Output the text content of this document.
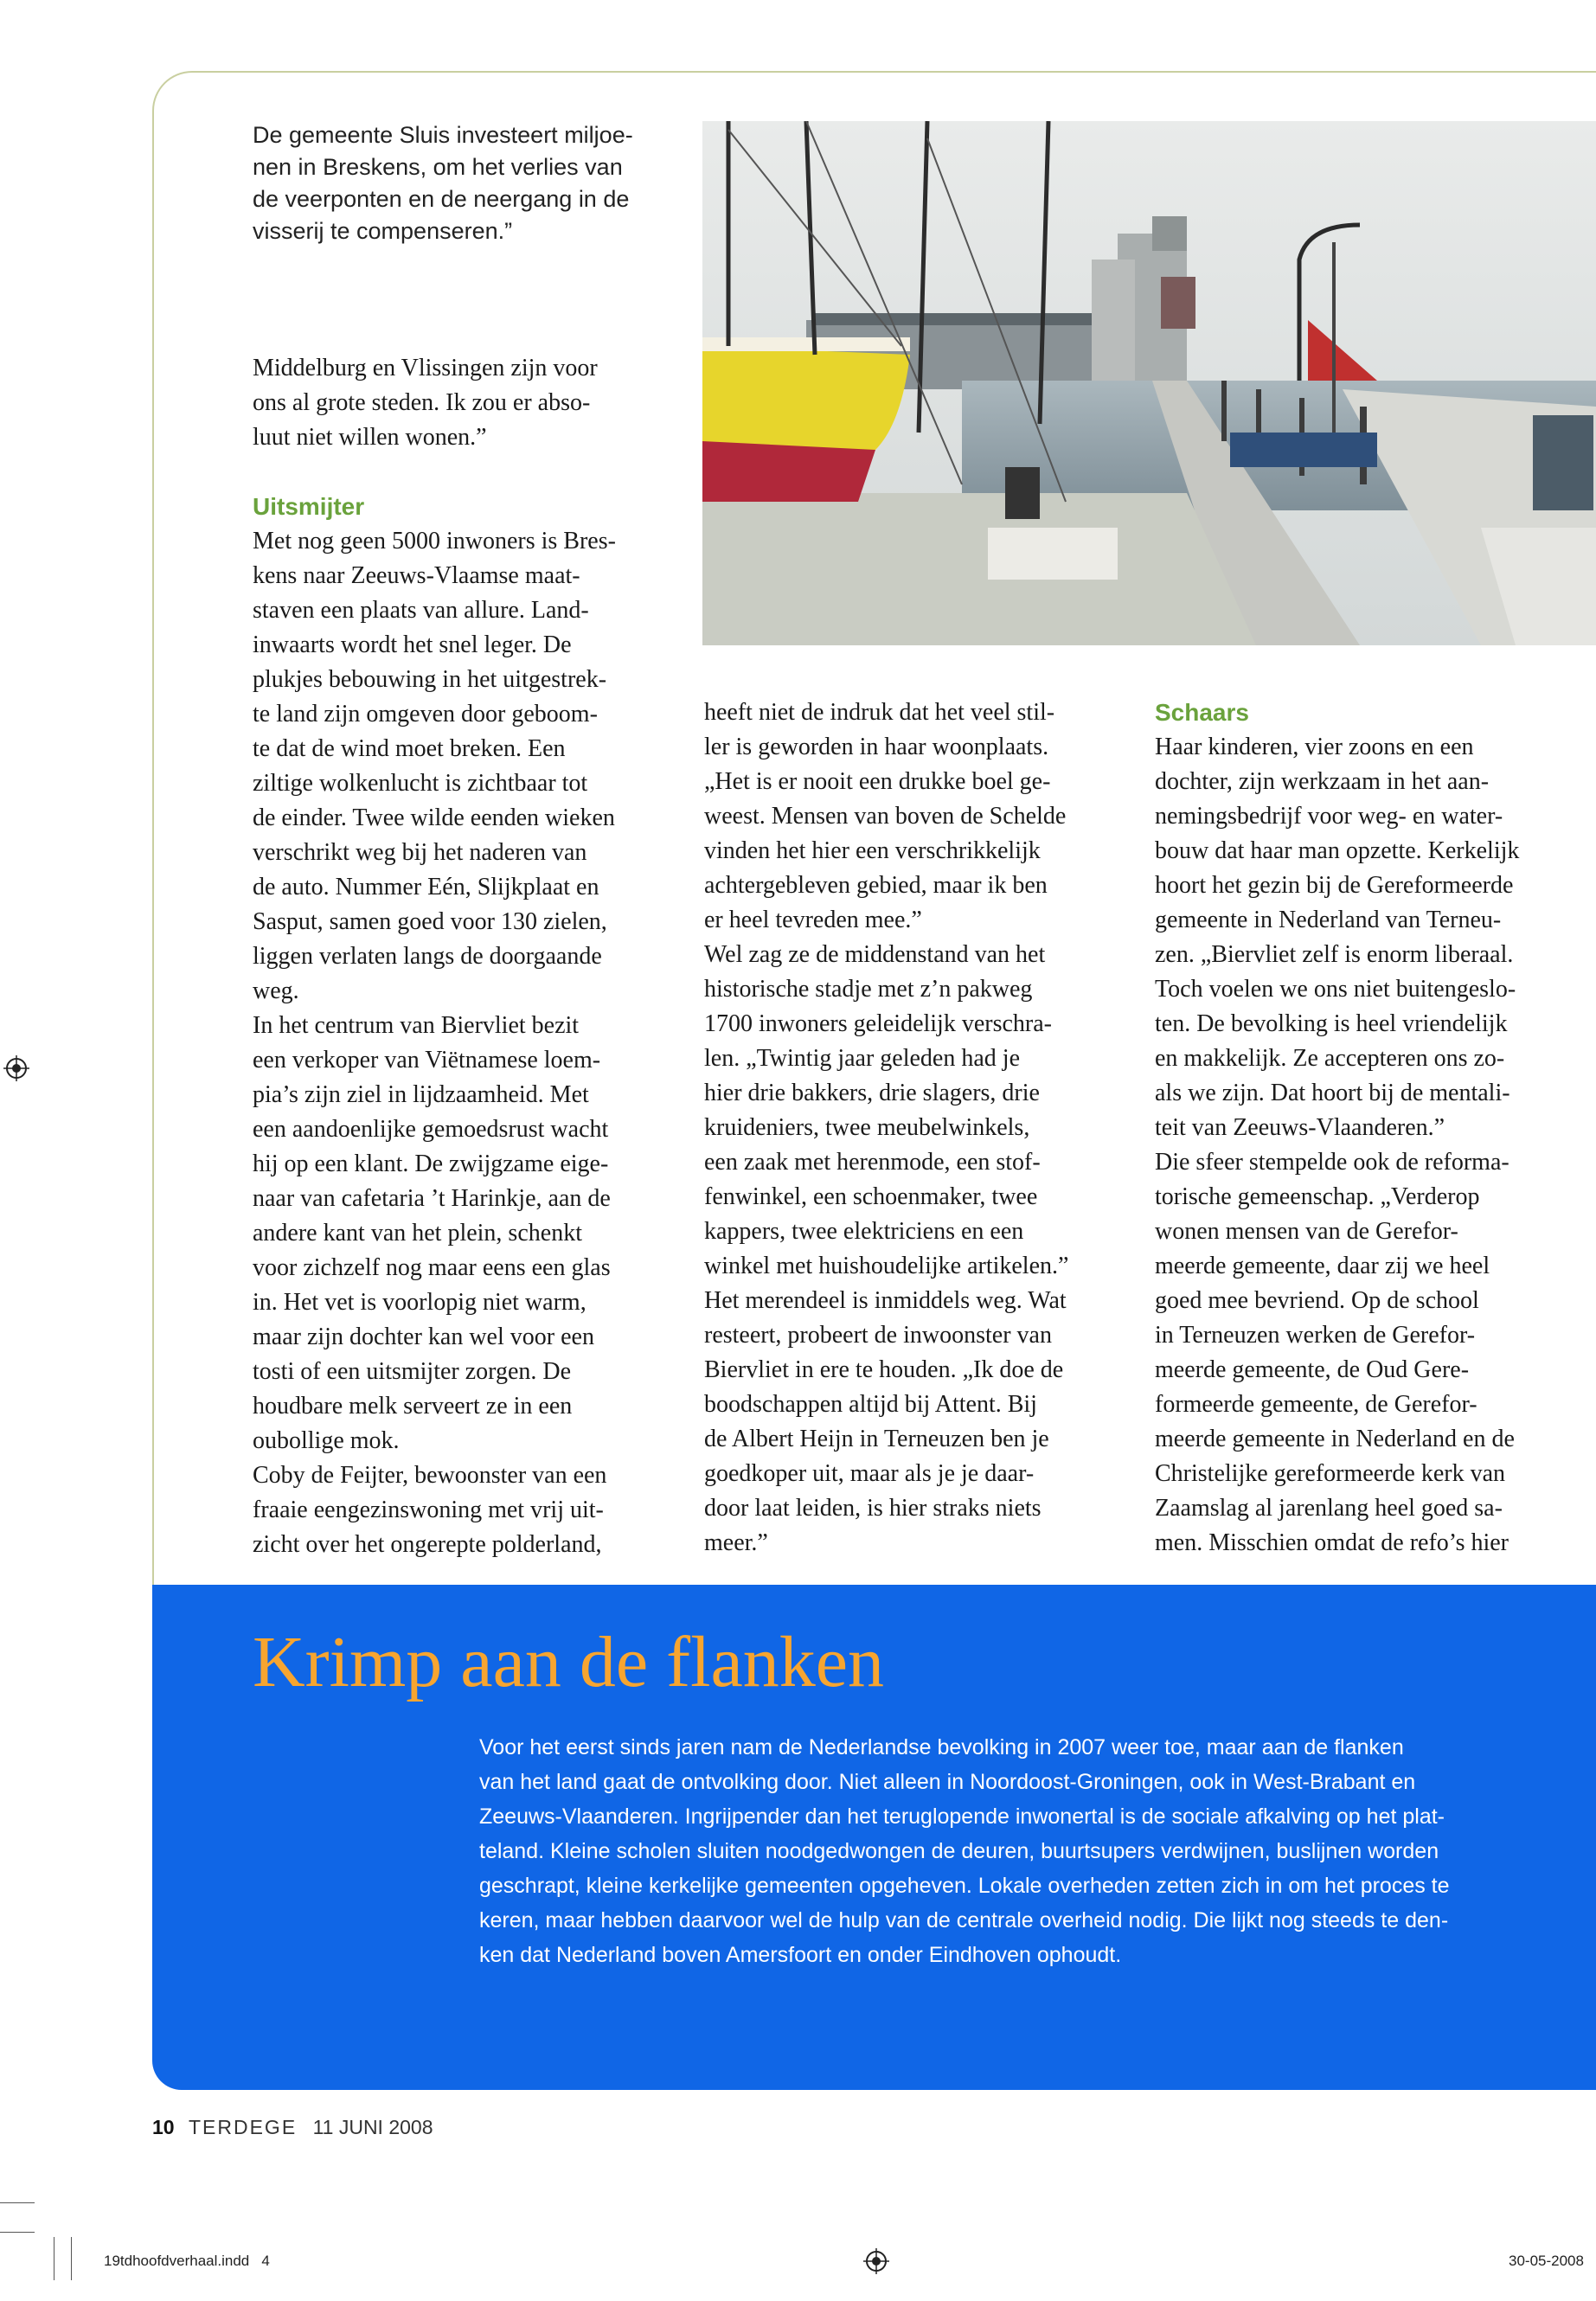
De gemeente Sluis investeert miljoe-
nen in Breskens, om het verlies van
de veerponten en de neergang in de
visserij te compenseren.”

Middelburg en Vlissingen zijn voor
ons al grote steden. Ik zou er abso-
luut niet willen wonen.”

Uitsmijter

Met nog geen 5000 inwoners is Bres-
kens naar Zeeuws-Vlaamse maat-
staven een plaats van allure. Land-
inwaarts wordt het snel leger. De
plukjes bebouwing in het uitgestrek-
te land zijn omgeven door geboom-
te dat de wind moet breken. Een
ziltige wolkenlucht is zichtbaar tot
de einder. Twee wilde eenden wieken
verschrikt weg bij het naderen van
de auto. Nummer Eén, Slijkplaat en
Sasput, samen goed voor 130 zielen,
liggen verlaten langs de doorgaande
weg.
In het centrum van Biervliet bezit
een verkoper van Viëtnamese loem-
pia’s zijn ziel in lijdzaamheid. Met
een aandoenlijke gemoedsrust wacht
hij op een klant. De zwijgzame eige-
naar van cafetaria ’t Harinkje, aan de
andere kant van het plein, schenkt
voor zichzelf nog maar eens een glas
in. Het vet is voorlopig niet warm,
maar zijn dochter kan wel voor een
tosti of een uitsmijter zorgen. De
houdbare melk serveert ze in een
oubollige mok.
Coby de Feijter, bewoonster van een
fraaie eengezinswoning met vrij uit-
zicht over het ongerepte polderland,

heeft niet de indruk dat het veel stil-
ler is geworden in haar woonplaats.
„Het is er nooit een drukke boel ge-
weest. Mensen van boven de Schelde
vinden het hier een verschrikkelijk
achtergebleven gebied, maar ik ben
er heel tevreden mee.”
Wel zag ze de middenstand van het
historische stadje met z’n pakweg
1700 inwoners geleidelijk verschra-
len. „Twintig jaar geleden had je
hier drie bakkers, drie slagers, drie
kruideniers, twee meubelwinkels,
een zaak met herenmode, een stof-
fenwinkel, een schoenmaker, twee
kappers, twee elektriciens en een
winkel met huishoudelijke artikelen.”
Het merendeel is inmiddels weg. Wat
resteert, probeert de inwoonster van
Biervliet in ere te houden. „Ik doe de
boodschappen altijd bij Attent. Bij
de Albert Heijn in Terneuzen ben je
goedkoper uit, maar als je je daar-
door laat leiden, is hier straks niets
meer.”

Schaars

Haar kinderen, vier zoons en een
dochter, zijn werkzaam in het aan-
nemingsbedrijf voor weg- en water-
bouw dat haar man opzette. Kerkelijk
hoort het gezin bij de Gereformeerde
gemeente in Nederland van Terneu-
zen. „Biervliet zelf is enorm liberaal.
Toch voelen we ons niet buitengeslo-
ten. De bevolking is heel vriendelijk
en makkelijk. Ze accepteren ons zo-
als we zijn. Dat hoort bij de mentali-
teit van Zeeuws-Vlaanderen.”
Die sfeer stempelde ook de reforma-
torische gemeenschap. „Verderop
wonen mensen van de Gerefor-
meerde gemeente, daar zij we heel
goed mee bevriend. Op de school
in Terneuzen werken de Gerefor-
meerde gemeente, de Oud Gere-
formeerde gemeente, de Gerefor-
meerde gemeente in Nederland en de
Christelijke gereformeerde kerk van
Zaamslag al jarenlang heel goed sa-
men. Misschien omdat de refo’s hier

Krimp aan de flanken

Voor het eerst sinds jaren nam de Nederlandse bevolking in 2007 weer toe, maar aan de flanken
van het land gaat de ontvolking door. Niet alleen in Noordoost-Groningen, ook in West-Brabant en
Zeeuws-Vlaanderen. Ingrijpender dan het teruglopende inwonertal is de sociale afkalving op het plat-
teland. Kleine scholen sluiten noodgedwongen de deuren, buurtsupers verdwijnen, buslijnen worden
geschrapt, kleine kerkelijke gemeenten opgeheven. Lokale overheden zetten zich in om het proces te
keren, maar hebben daarvoor wel de hulp van de centrale overheid nodig. Die lijkt nog steeds te den-
ken dat Nederland boven Amersfoort en onder Eindhoven ophoudt.

10 TERDEGE 11 JUNI 2008
19tdhoofdverhaal.indd   4	30-05-2008
